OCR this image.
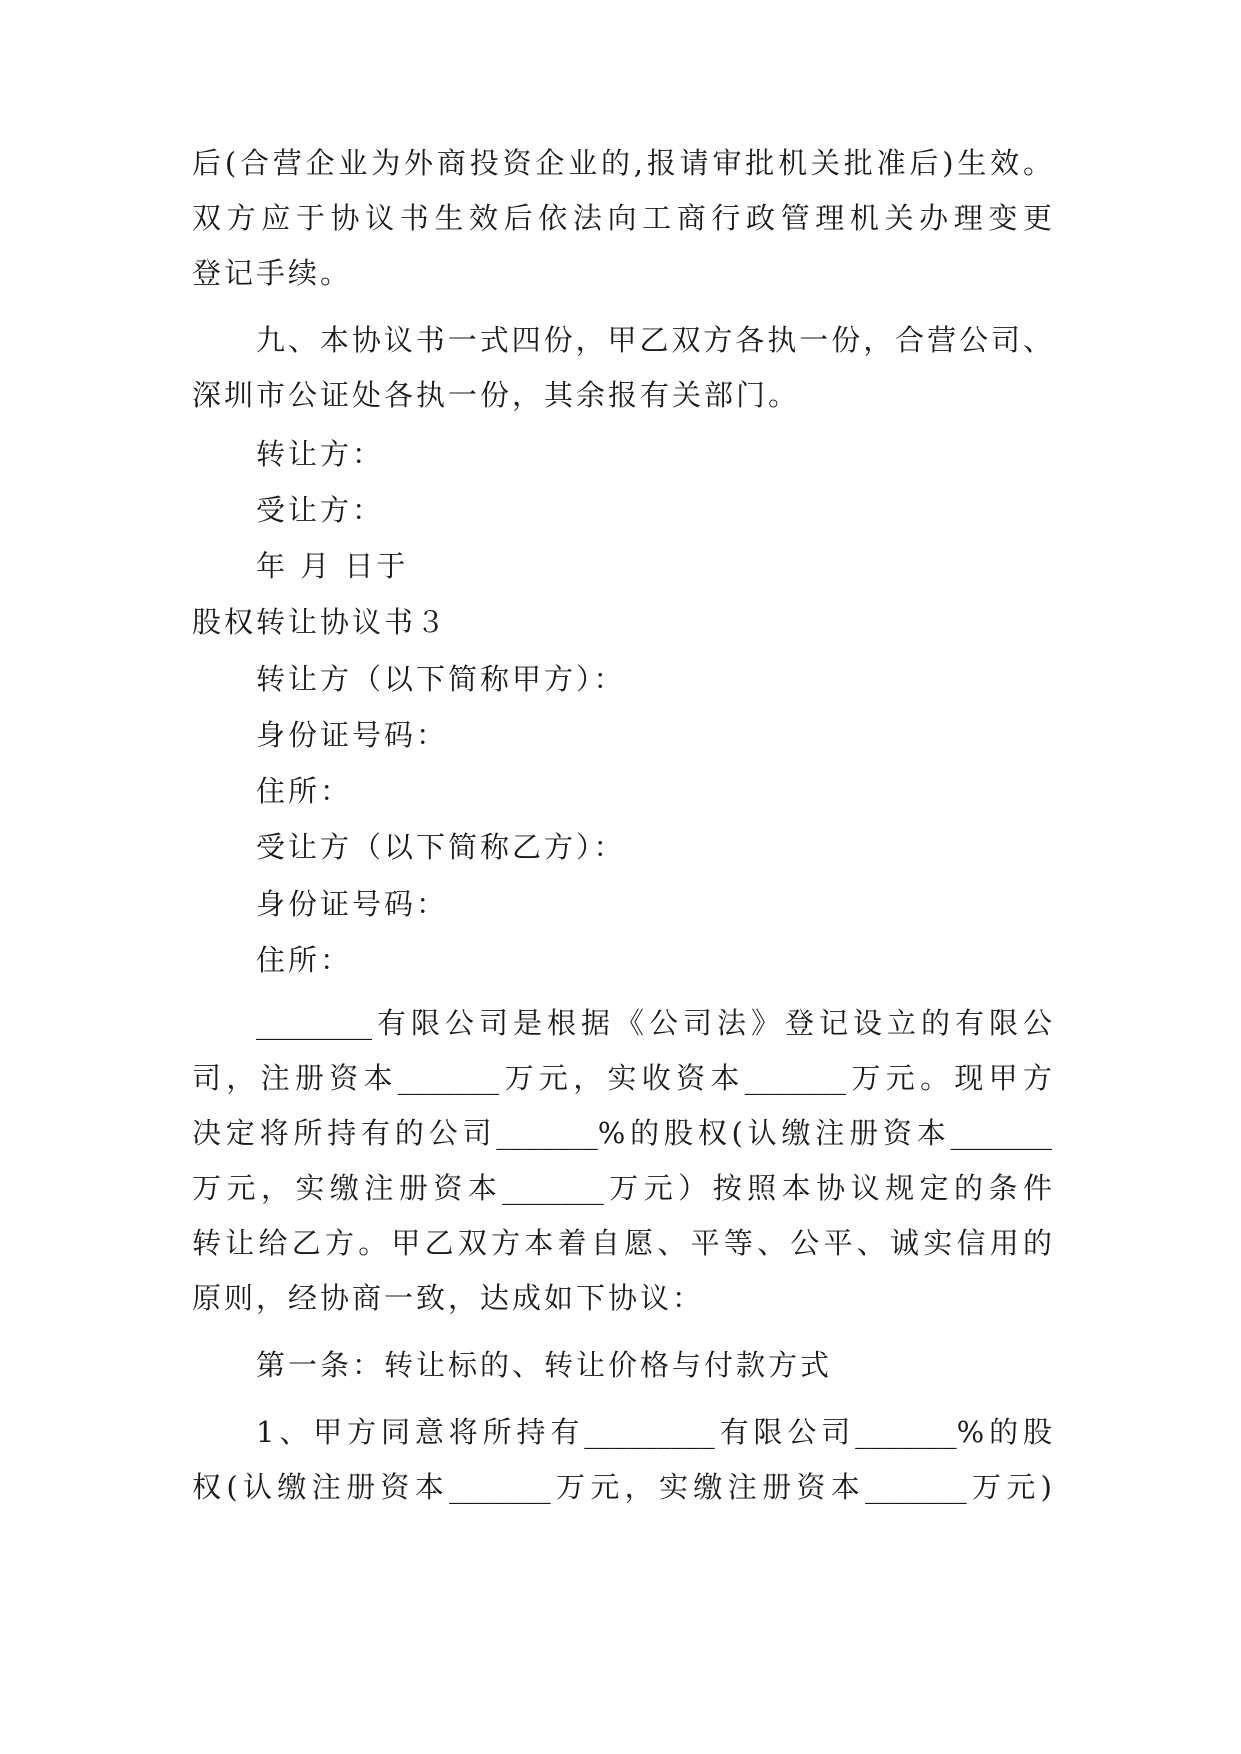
后(合营企业为外商投资企业的,报请审批机关批准后)生效。
双方应于协议书生效后依法向工商行政管理机关办理变更
登记手续。
九、本协议书一式四份，甲乙双方各执一份，合营公司、
深圳市公证处各执一份，其余报有关部门。
转让方：
受让方：
年 月 日于
股权转让协议书３
转让方（以下简称甲方）：
身份证号码：
住所：
受让方（以下简称乙方）：
身份证号码：
住所：
________有限公司是根据《公司法》登记设立的有限公
司，注册资本_______万元，实收资本_______万元。现甲方
决定将所持有的公司_______%的股权(认缴注册资本_______
万元，实缴注册资本_______万元）按照本协议规定的条件
转让给乙方。甲乙双方本着自愿、平等、公平、诚实信用的
原则，经协商一致，达成如下协议：
第一条：转让标的、转让价格与付款方式
1、甲方同意将所持有_________有限公司_______%的股
权(认缴注册资本_______万元，实缴注册资本_______万元)
